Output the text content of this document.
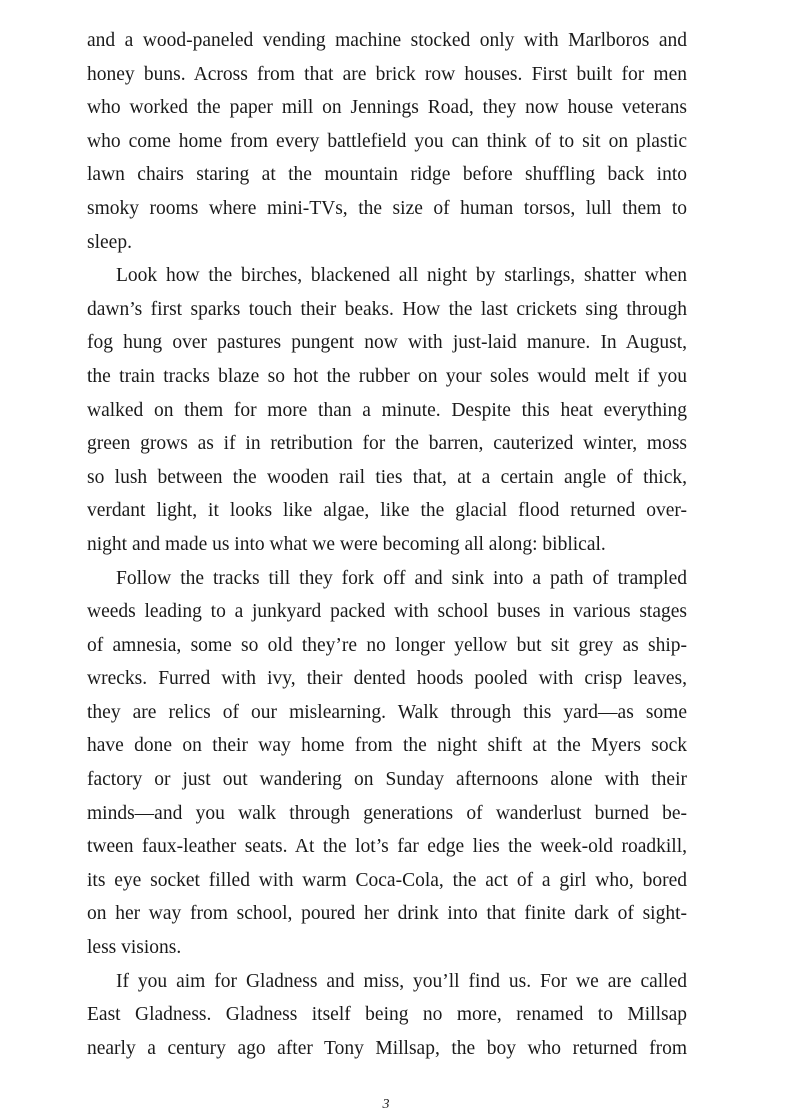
and a wood-paneled vending machine stocked only with Marlboros and
honey buns. Across from that are brick row houses. First built for men
who worked the paper mill on Jennings Road, they now house veterans
who come home from every battlefield you can think of to sit on plastic
lawn chairs staring at the mountain ridge before shuffling back into
smoky rooms where mini-TVs, the size of human torsos, lull them to
sleep.
Look how the birches, blackened all night by starlings, shatter when
dawn’s first sparks touch their beaks. How the last crickets sing through
fog hung over pastures pungent now with just-laid manure. In August,
the train tracks blaze so hot the rubber on your soles would melt if you
walked on them for more than a minute. Despite this heat everything
green grows as if in retribution for the barren, cauterized winter, moss
so lush between the wooden rail ties that, at a certain angle of thick,
verdant light, it looks like algae, like the glacial flood returned over-
night and made us into what we were becoming all along: biblical.
Follow the tracks till they fork off and sink into a path of trampled
weeds leading to a junkyard packed with school buses in various stages
of amnesia, some so old they’re no longer yellow but sit grey as ship-
wrecks. Furred with ivy, their dented hoods pooled with crisp leaves,
they are relics of our mislearning. Walk through this yard—as some
have done on their way home from the night shift at the Myers sock
factory or just out wandering on Sunday afternoons alone with their
minds—and you walk through generations of wanderlust burned be-
tween faux-leather seats. At the lot’s far edge lies the week-old roadkill,
its eye socket filled with warm Coca-Cola, the act of a girl who, bored
on her way from school, poured her drink into that finite dark of sight-
less visions.
If you aim for Gladness and miss, you’ll find us. For we are called
East Gladness. Gladness itself being no more, renamed to Millsap
nearly a century ago after Tony Millsap, the boy who returned from
3
